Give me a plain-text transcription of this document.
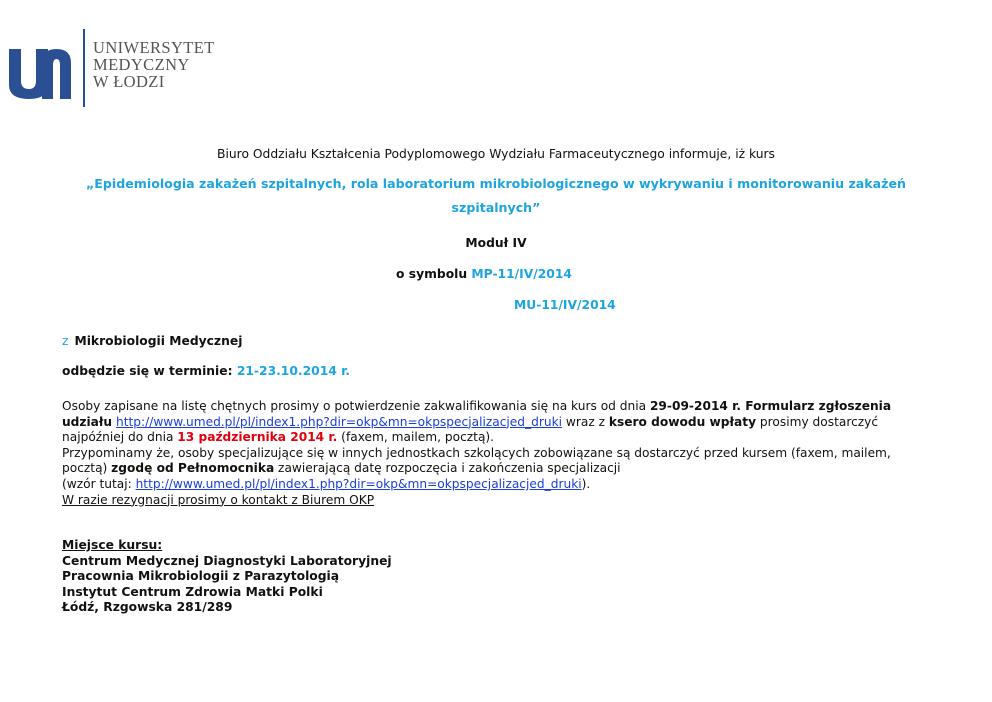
UNIWERSYTET
MEDYCZNY
W ŁODZI
Biuro Oddziału Kształcenia Podyplomowego Wydziału Farmaceutycznego informuje, iż kurs
„Epidemiologia zakażeń szpitalnych, rola laboratorium mikrobiologicznego w wykrywaniu i monitorowaniu zakażeń
szpitalnych”
Moduł IV
o symbolu MP-11/IV/2014
MU-11/IV/2014
z Mikrobiologii Medycznej
odbędzie się w terminie: 21-23.10.2014 r.
Osoby zapisane na listę chętnych prosimy o potwierdzenie zakwalifikowania się na kurs od dnia 29-09-2014 r. Formularz zgłoszenia
udziału http://www.umed.pl/pl/index1.php?dir=okp&mn=okpspecjalizacjed_druki wraz z ksero dowodu wpłaty prosimy dostarczyć
najpóźniej do dnia 13 października 2014 r. (faxem, mailem, pocztą).
Przypominamy że, osoby specjalizujące się w innych jednostkach szkolących zobowiązane są dostarczyć przed kursem (faxem, mailem,
pocztą) zgodę od Pełnomocnika zawierającą datę rozpoczęcia i zakończenia specjalizacji
(wzór tutaj: http://www.umed.pl/pl/index1.php?dir=okp&mn=okpspecjalizacjed_druki).
W razie rezygnacji prosimy o kontakt z Biurem OKP
Miejsce kursu:
Centrum Medycznej Diagnostyki Laboratoryjnej
Pracownia Mikrobiologii z Parazytologią
Instytut Centrum Zdrowia Matki Polki
Łódź, Rzgowska 281/289
